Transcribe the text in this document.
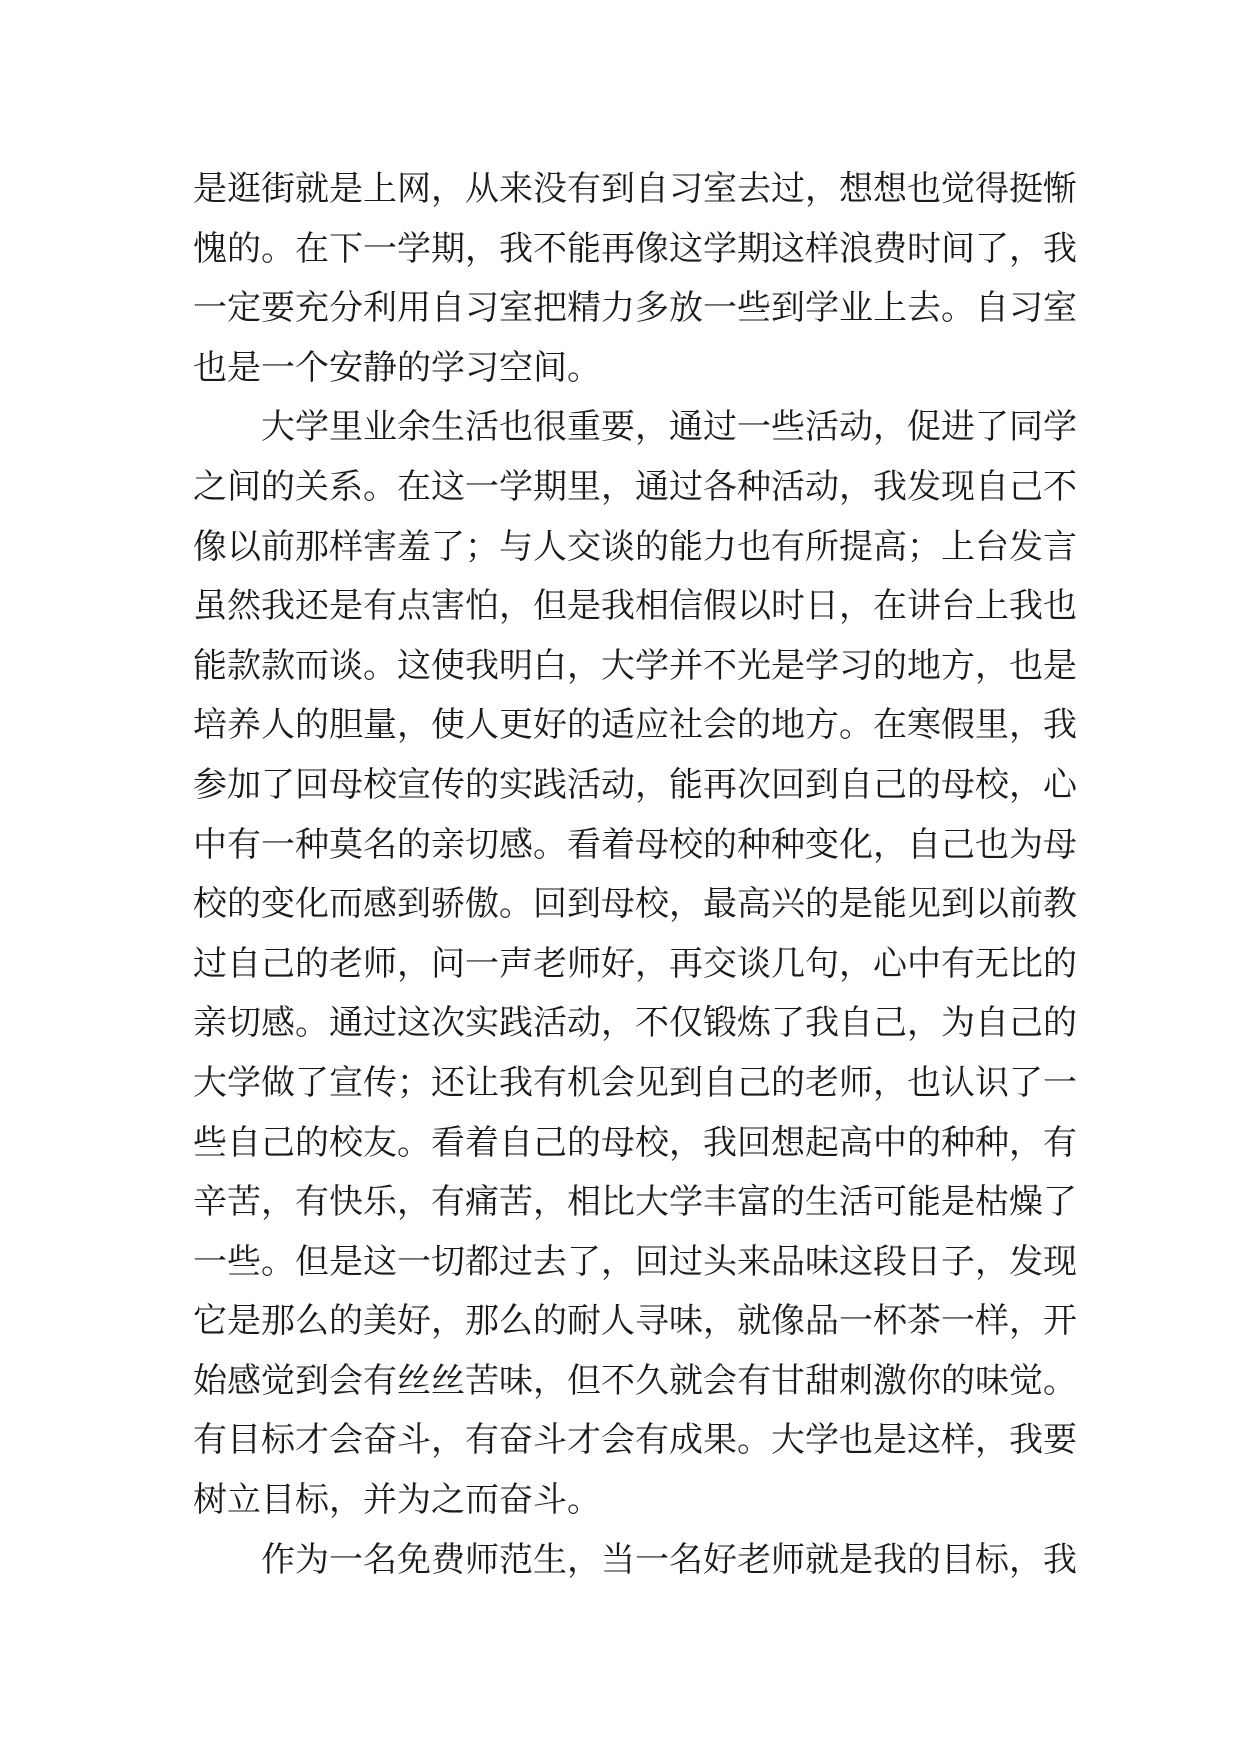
是逛街就是上网，从来没有到自习室去过，想想也觉得挺惭
愧的。在下一学期，我不能再像这学期这样浪费时间了，我
一定要充分利用自习室把精力多放一些到学业上去。自习室
也是一个安静的学习空间。
大学里业余生活也很重要，通过一些活动，促进了同学
之间的关系。在这一学期里，通过各种活动，我发现自己不
像以前那样害羞了；与人交谈的能力也有所提高；上台发言
虽然我还是有点害怕，但是我相信假以时日，在讲台上我也
能款款而谈。这使我明白，大学并不光是学习的地方，也是
培养人的胆量，使人更好的适应社会的地方。在寒假里，我
参加了回母校宣传的实践活动，能再次回到自己的母校，心
中有一种莫名的亲切感。看着母校的种种变化，自己也为母
校的变化而感到骄傲。回到母校，最高兴的是能见到以前教
过自己的老师，问一声老师好，再交谈几句，心中有无比的
亲切感。通过这次实践活动，不仅锻炼了我自己，为自己的
大学做了宣传；还让我有机会见到自己的老师，也认识了一
些自己的校友。看着自己的母校，我回想起高中的种种，有
辛苦，有快乐，有痛苦，相比大学丰富的生活可能是枯燥了
一些。但是这一切都过去了，回过头来品味这段日子，发现
它是那么的美好，那么的耐人寻味，就像品一杯茶一样，开
始感觉到会有丝丝苦味，但不久就会有甘甜刺激你的味觉。
有目标才会奋斗，有奋斗才会有成果。大学也是这样，我要
树立目标，并为之而奋斗。
作为一名免费师范生，当一名好老师就是我的目标，我
